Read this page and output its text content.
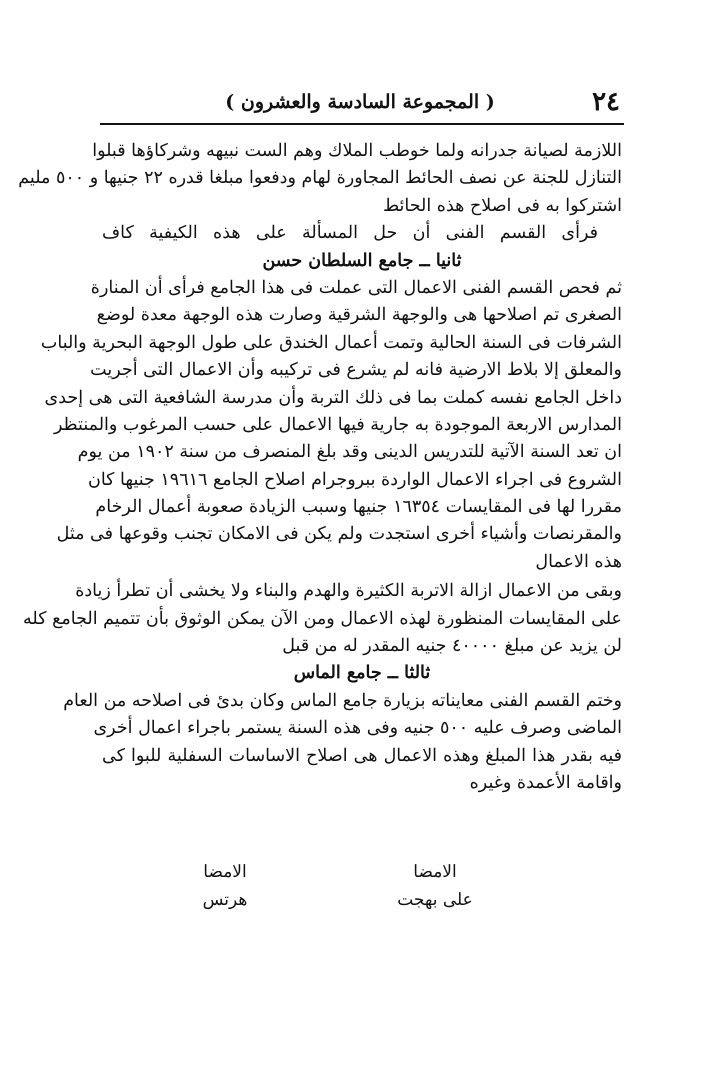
٢٤
( المجموعة السادسة والعشرون )
اللازمة لصيانة جدرانه ولما خوطب الملاك وهم الست نبيهه وشركاؤها قبلوا
التنازل للجنة عن نصف الحائط المجاورة لهام ودفعوا مبلغا قدره ٢٢ جنيها و ٥٠٠ مليم
اشتركوا به فى اصلاح هذه الحائط
فرأى القسم الفنى أن حل المسألة على هذه الكيفية كاف
ثانيا ــ جامع السلطان حسن
ثم فحص القسم الفنى الاعمال التى عملت فى هذا الجامع فرأى أن المنارة
الصغرى تم اصلاحها هى والوجهة الشرقية وصارت هذه الوجهة معدة لوضع
الشرفات فى السنة الحالية وتمت أعمال الخندق على طول الوجهة البحرية والباب
والمعلق إلا بلاط الارضية فانه لم يشرع فى تركيبه وأن الاعمال التى أجريت
داخل الجامع نفسه كملت بما فى ذلك التربة وأن مدرسة الشافعية التى هى إحدى
المدارس الاربعة الموجودة به جارية فيها الاعمال على حسب المرغوب والمنتظر
ان تعد السنة الآتية للتدريس الدينى وقد بلغ المنصرف من سنة ١٩٠٢ من يوم
الشروع فى اجراء الاعمال الواردة ببروجرام اصلاح الجامع ١٩٦١٦ جنيها كان
مقررا لها فى المقايسات ١٦٣٥٤ جنيها وسبب الزيادة صعوبة أعمال الرخام
والمقرنصات وأشياء أخرى استجدت ولم يكن فى الامكان تجنب وقوعها فى مثل
هذه الاعمال
وبقى من الاعمال ازالة الاتربة الكثيرة والهدم والبناء ولا يخشى أن تطرأ زيادة
على المقايسات المنظورة لهذه الاعمال ومن الآن يمكن الوثوق بأن تتميم الجامع كله
لن يزيد عن مبلغ ٤٠٠٠٠ جنيه المقدر له من قبل
ثالثا ــ جامع الماس
وختم القسم الفنى معايناته بزيارة جامع الماس وكان بدئ فى اصلاحه من العام
الماضى وصرف عليه ٥٠٠ جنيه وفى هذه السنة يستمر باجراء اعمال أخرى
فيه بقدر هذا المبلغ وهذه الاعمال هى اصلاح الاساسات السفلية للبوا كى
واقامة الأعمدة وغيره
الامضا
على بهجت
الامضا
هرتس
